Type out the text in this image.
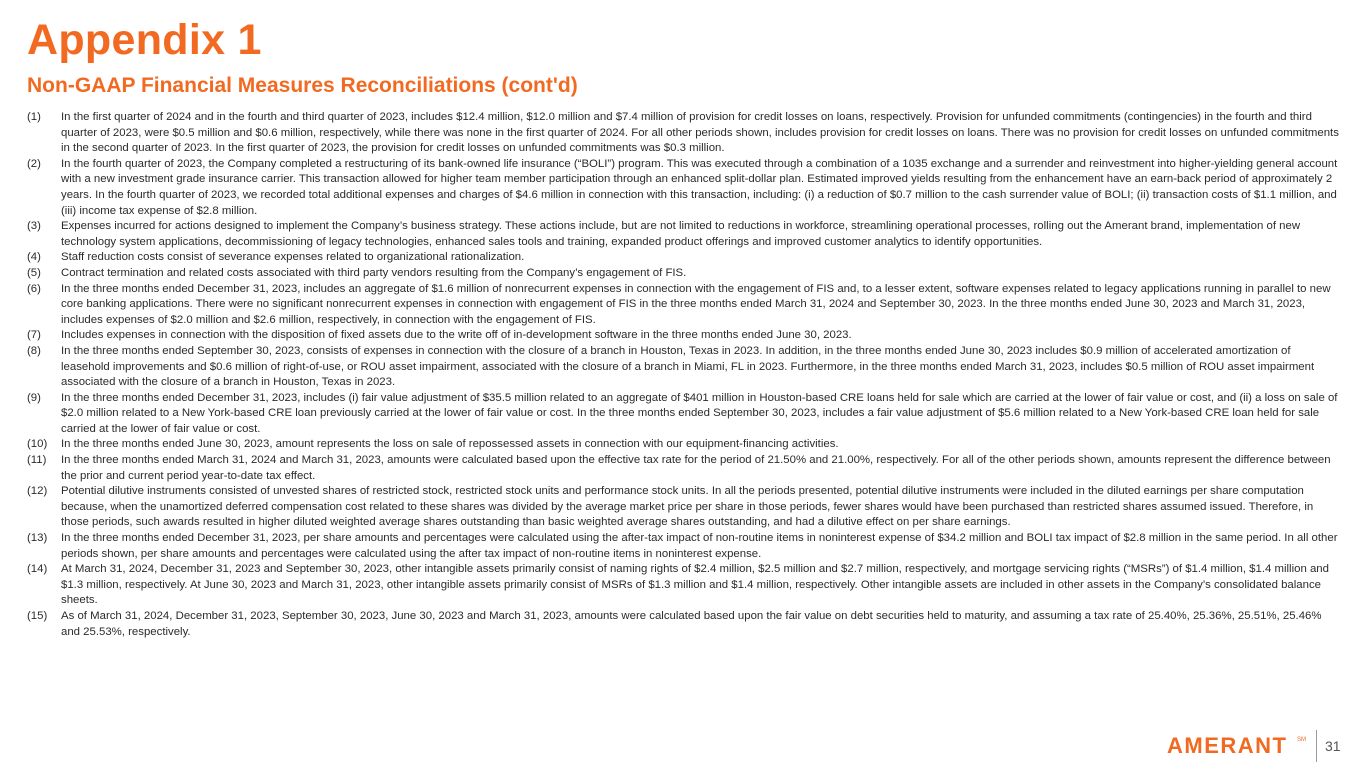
Appendix 1
Non-GAAP Financial Measures Reconciliations (cont'd)
(1) In the first quarter of 2024 and in the fourth and third quarter of 2023, includes $12.4 million, $12.0 million and $7.4 million of provision for credit losses on loans, respectively. Provision for unfunded commitments (contingencies) in the fourth and third quarter of 2023, were $0.5 million and $0.6 million, respectively, while there was none in the first quarter of 2024. For all other periods shown, includes provision for credit losses on loans. There was no provision for credit losses on unfunded commitments in the second quarter of 2023. In the first quarter of 2023, the provision for credit losses on unfunded commitments was $0.3 million.
(2) In the fourth quarter of 2023, the Company completed a restructuring of its bank-owned life insurance (“BOLI”) program. This was executed through a combination of a 1035 exchange and a surrender and reinvestment into higher-yielding general account with a new investment grade insurance carrier. This transaction allowed for higher team member participation through an enhanced split-dollar plan. Estimated improved yields resulting from the enhancement have an earn-back period of approximately 2 years. In the fourth quarter of 2023, we recorded total additional expenses and charges of $4.6 million in connection with this transaction, including: (i) a reduction of $0.7 million to the cash surrender value of BOLI; (ii) transaction costs of $1.1 million, and (iii) income tax expense of $2.8 million.
(3) Expenses incurred for actions designed to implement the Company’s business strategy. These actions include, but are not limited to reductions in workforce, streamlining operational processes, rolling out the Amerant brand, implementation of new technology system applications, decommissioning of legacy technologies, enhanced sales tools and training, expanded product offerings and improved customer analytics to identify opportunities.
(4) Staff reduction costs consist of severance expenses related to organizational rationalization.
(5) Contract termination and related costs associated with third party vendors resulting from the Company’s engagement of FIS.
(6) In the three months ended December 31, 2023, includes an aggregate of $1.6 million of nonrecurrent expenses in connection with the engagement of FIS and, to a lesser extent, software expenses related to legacy applications running in parallel to new core banking applications. There were no significant nonrecurrent expenses in connection with engagement of FIS in the three months ended March 31, 2024 and September 30, 2023. In the three months ended June 30, 2023 and March 31, 2023, includes expenses of $2.0 million and $2.6 million, respectively, in connection with the engagement of FIS.
(7) Includes expenses in connection with the disposition of fixed assets due to the write off of in-development software in the three months ended June 30, 2023.
(8) In the three months ended September 30, 2023, consists of expenses in connection with the closure of a branch in Houston, Texas in 2023. In addition, in the three months ended June 30, 2023 includes $0.9 million of accelerated amortization of leasehold improvements and $0.6 million of right-of-use, or ROU asset impairment, associated with the closure of a branch in Miami, FL in 2023. Furthermore, in the three months ended March 31, 2023, includes $0.5 million of ROU asset impairment associated with the closure of a branch in Houston, Texas in 2023.
(9) In the three months ended December 31, 2023, includes (i) fair value adjustment of $35.5 million related to an aggregate of $401 million in Houston-based CRE loans held for sale which are carried at the lower of fair value or cost, and (ii) a loss on sale of $2.0 million related to a New York-based CRE loan previously carried at the lower of fair value or cost. In the three months ended September 30, 2023, includes a fair value adjustment of $5.6 million related to a New York-based CRE loan held for sale carried at the lower of fair value or cost.
(10) In the three months ended June 30, 2023, amount represents the loss on sale of repossessed assets in connection with our equipment-financing activities.
(11) In the three months ended March 31, 2024 and March 31, 2023, amounts were calculated based upon the effective tax rate for the period of 21.50% and 21.00%, respectively. For all of the other periods shown, amounts represent the difference between the prior and current period year-to-date tax effect.
(12) Potential dilutive instruments consisted of unvested shares of restricted stock, restricted stock units and performance stock units. In all the periods presented, potential dilutive instruments were included in the diluted earnings per share computation because, when the unamortized deferred compensation cost related to these shares was divided by the average market price per share in those periods, fewer shares would have been purchased than restricted shares assumed issued. Therefore, in those periods, such awards resulted in higher diluted weighted average shares outstanding than basic weighted average shares outstanding, and had a dilutive effect on per share earnings.
(13) In the three months ended December 31, 2023, per share amounts and percentages were calculated using the after-tax impact of non-routine items in noninterest expense of $34.2 million and BOLI tax impact of $2.8 million in the same period. In all other periods shown, per share amounts and percentages were calculated using the after tax impact of non-routine items in noninterest expense.
(14) At March 31, 2024, December 31, 2023 and September 30, 2023, other intangible assets primarily consist of naming rights of $2.4 million, $2.5 million and $2.7 million, respectively, and mortgage servicing rights (“MSRs”) of $1.4 million, $1.4 million and $1.3 million, respectively. At June 30, 2023 and March 31, 2023, other intangible assets primarily consist of MSRs of $1.3 million and $1.4 million, respectively. Other intangible assets are included in other assets in the Company’s consolidated balance sheets.
(15) As of March 31, 2024, December 31, 2023, September 30, 2023, June 30, 2023 and March 31, 2023, amounts were calculated based upon the fair value on debt securities held to maturity, and assuming a tax rate of 25.40%, 25.36%, 25.51%, 25.46% and 25.53%, respectively.
AMERANT SM 31
